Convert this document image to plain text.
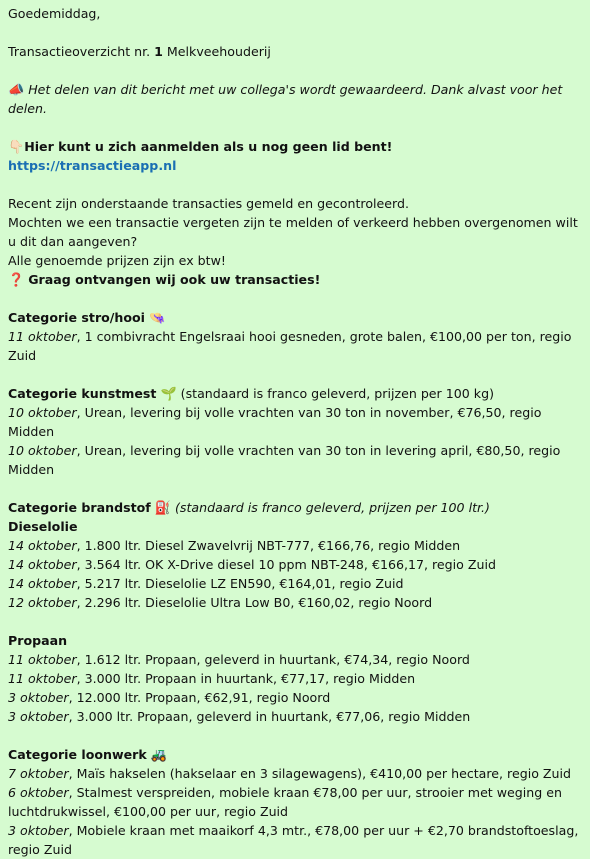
Goedemiddag,

Transactieoverzicht nr. 1 Melkveehouderij

📣 Het delen van dit bericht met uw collega's wordt gewaardeerd. Dank alvast voor het delen.

👇🏻Hier kunt u zich aanmelden als u nog geen lid bent!

https://transactieapp.nl

Recent zijn onderstaande transacties gemeld en gecontroleerd.

Mochten we een transactie vergeten zijn te melden of verkeerd hebben overgenomen wilt u dit dan aangeven?

Alle genoemde prijzen zijn ex btw!

❓ Graag ontvangen wij ook uw transacties!

Categorie stro/hooi 👒

11 oktober, 1 combivracht Engelsraai hooi gesneden, grote balen, €100,00 per ton, regio Zuid

Categorie kunstmest 🌱 (standaard is franco geleverd, prijzen per 100 kg)

10 oktober, Urean, levering bij volle vrachten van 30 ton in november, €76,50, regio Midden

10 oktober, Urean, levering bij volle vrachten van 30 ton in levering april, €80,50, regio Midden

Categorie brandstof ⛽ (standaard is franco geleverd, prijzen per 100 ltr.)

Dieselolie

14 oktober, 1.800 ltr. Diesel Zwavelvrij NBT-777, €166,76, regio Midden

14 oktober, 3.564 ltr. OK X-Drive diesel 10 ppm NBT-248, €166,17, regio Zuid

14 oktober, 5.217 ltr. Dieselolie LZ EN590, €164,01, regio Zuid

12 oktober, 2.296 ltr. Dieselolie Ultra Low B0, €160,02, regio Noord

Propaan

11 oktober, 1.612 ltr. Propaan, geleverd in huurtank, €74,34, regio Noord

11 oktober, 3.000 ltr. Propaan in huurtank, €77,17, regio Midden

3 oktober, 12.000 ltr. Propaan, €62,91, regio Noord

3 oktober, 3.000 ltr. Propaan, geleverd in huurtank, €77,06, regio Midden

Categorie loonwerk 🚜

7 oktober, Maïs hakselen (hakselaar en 3 silagewagens), €410,00 per hectare, regio Zuid

6 oktober, Stalmest verspreiden, mobiele kraan €78,00 per uur, strooier met weging en luchtdrukwissel, €100,00 per uur, regio Zuid

3 oktober, Mobiele kraan met maaikorf 4,3 mtr., €78,00 per uur + €2,70 brandstoftoeslag, regio Zuid
